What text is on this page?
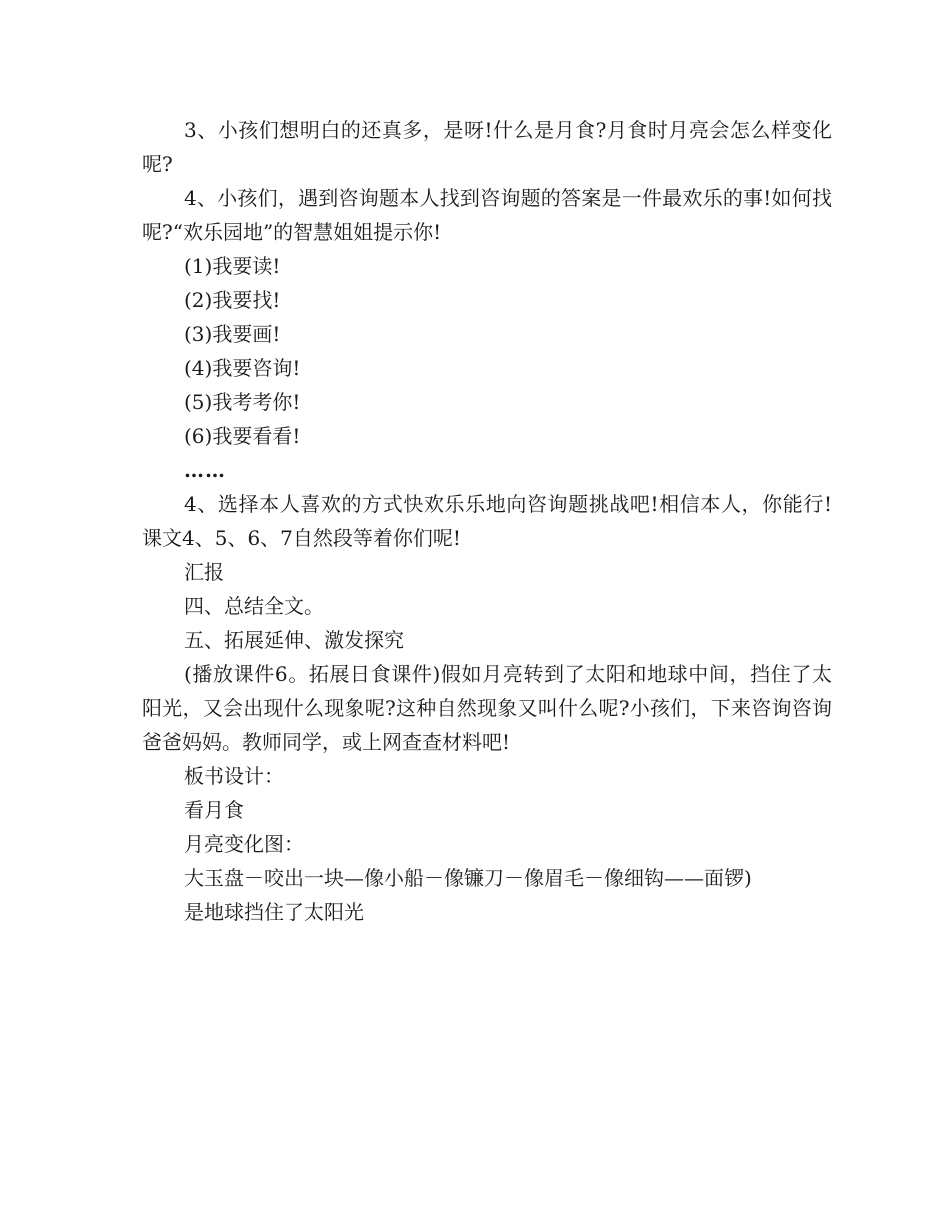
3、小孩们想明白的还真多，是呀!什么是月食?月食时月亮会怎么样变化呢?

4、小孩们，遇到咨询题本人找到咨询题的答案是一件最欢乐的事!如何找呢?“欢乐园地”的智慧姐姐提示你!

(1)我要读!

(2)我要找!

(3)我要画!

(4)我要咨询!

(5)我考考你!

(6)我要看看!

……

4、选择本人喜欢的方式快欢乐乐地向咨询题挑战吧!相信本人，你能行!课文4、5、6、7自然段等着你们呢!

汇报

四、总结全文。

五、拓展延伸、激发探究

(播放课件6。拓展日食课件)假如月亮转到了太阳和地球中间，挡住了太阳光，又会出现什么现象呢?这种自然现象又叫什么呢?小孩们，下来咨询咨询爸爸妈妈。教师同学，或上网查查材料吧!

板书设计：

看月食

月亮变化图：

大玉盘－咬出一块—像小船－像镰刀－像眉毛－像细钩——面锣)

是地球挡住了太阳光
